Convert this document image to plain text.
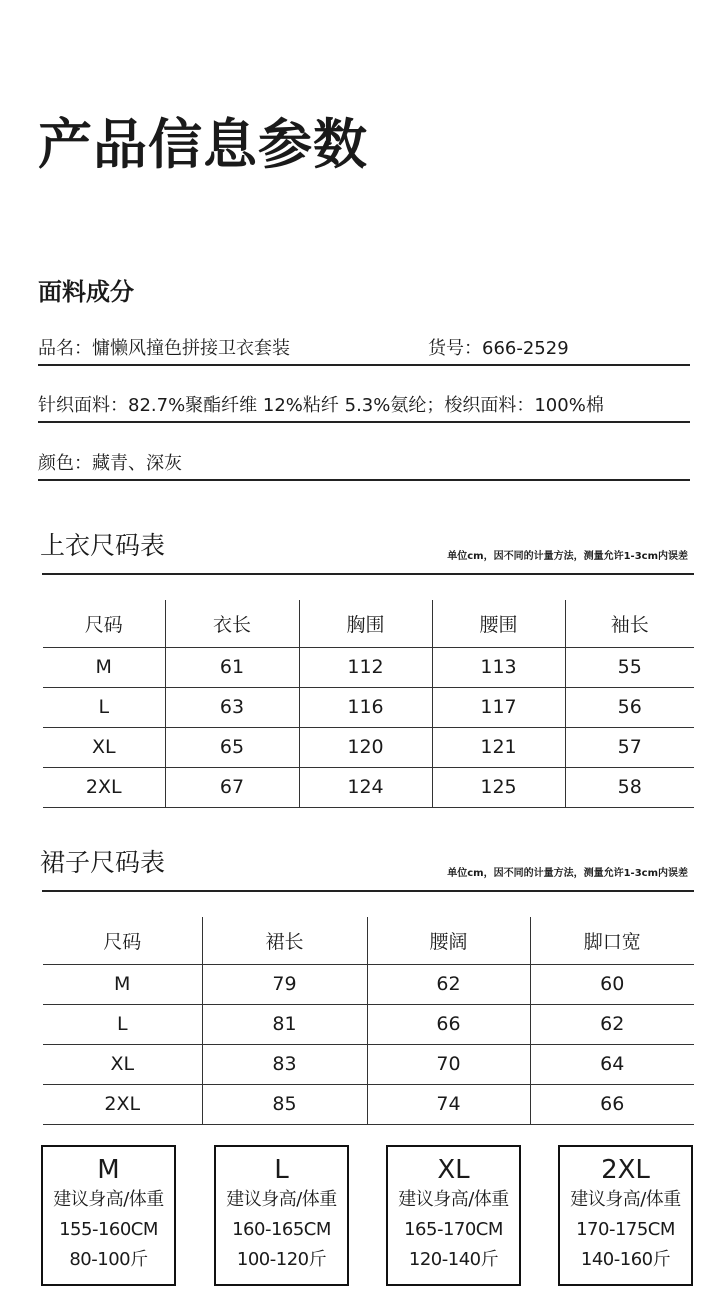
产品信息参数
面料成分
品名：慵懒风撞色拼接卫衣套装	货号：666-2529
针织面料：82.7%聚酯纤维 12%粘纤 5.3%氨纶；梭织面料：100%棉
颜色：藏青、深灰
上衣尺码表	单位cm，因不同的计量方法，测量允许1-3cm内误差
尺码	衣长	胸围	腰围	袖长
M	61	112	113	55
L	63	116	117	56
XL	65	120	121	57
2XL	67	124	125	58
裙子尺码表	单位cm，因不同的计量方法，测量允许1-3cm内误差
尺码	裙长	腰阔	脚口宽
M	79	62	60
L	81	66	62
XL	83	70	64
2XL	85	74	66
M
建议身高/体重
155-160CM
80-100斤
L
建议身高/体重
160-165CM
100-120斤
XL
建议身高/体重
165-170CM
120-140斤
2XL
建议身高/体重
170-175CM
140-160斤
